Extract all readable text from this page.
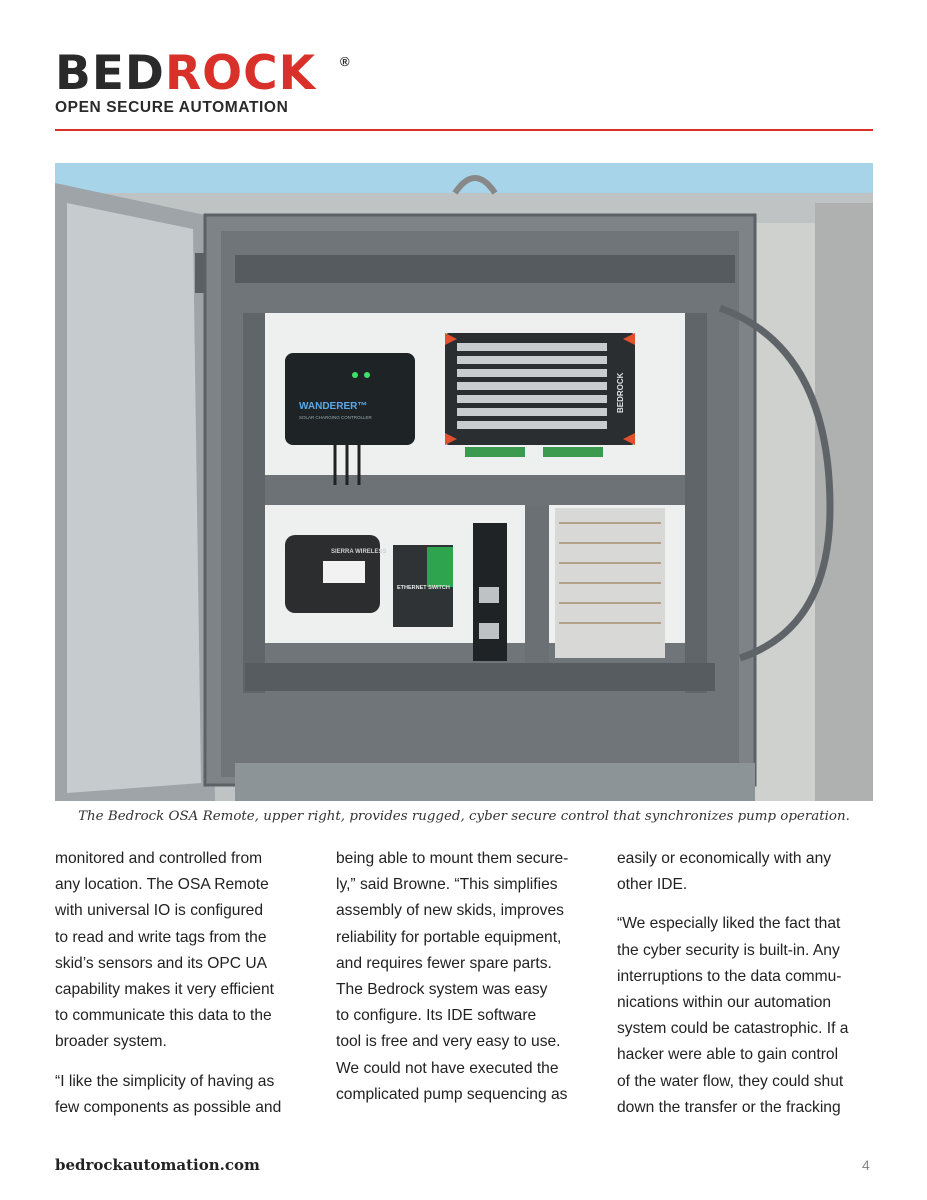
BEDROCK ®
OPEN SECURE AUTOMATION
WANDERER™
SOLAR CHARGING CONTROLLER
BEDROCK
SIERRA WIRELESS
ETHERNET SWITCH
The Bedrock OSA Remote, upper right, provides rugged, cyber secure control that synchronizes pump operation.
monitored and controlled from
any location. The OSA Remote
with universal IO is configured
to read and write tags from the
skid’s sensors and its OPC UA
capability makes it very efficient
to communicate this data to the
broader system.
“I like the simplicity of having as
few components as possible and
being able to mount them secure-
ly,” said Browne. “This simplifies
assembly of new skids, improves
reliability for portable equipment,
and requires fewer spare parts.
The Bedrock system was easy
to configure. Its IDE software
tool is free and very easy to use.
We could not have executed the
complicated pump sequencing as
easily or economically with any
other IDE.
“We especially liked the fact that
the cyber security is built-in. Any
interruptions to the data commu-
nications within our automation
system could be catastrophic. If a
hacker were able to gain control
of the water flow, they could shut
down the transfer or the fracking
bedrockautomation.com	4
